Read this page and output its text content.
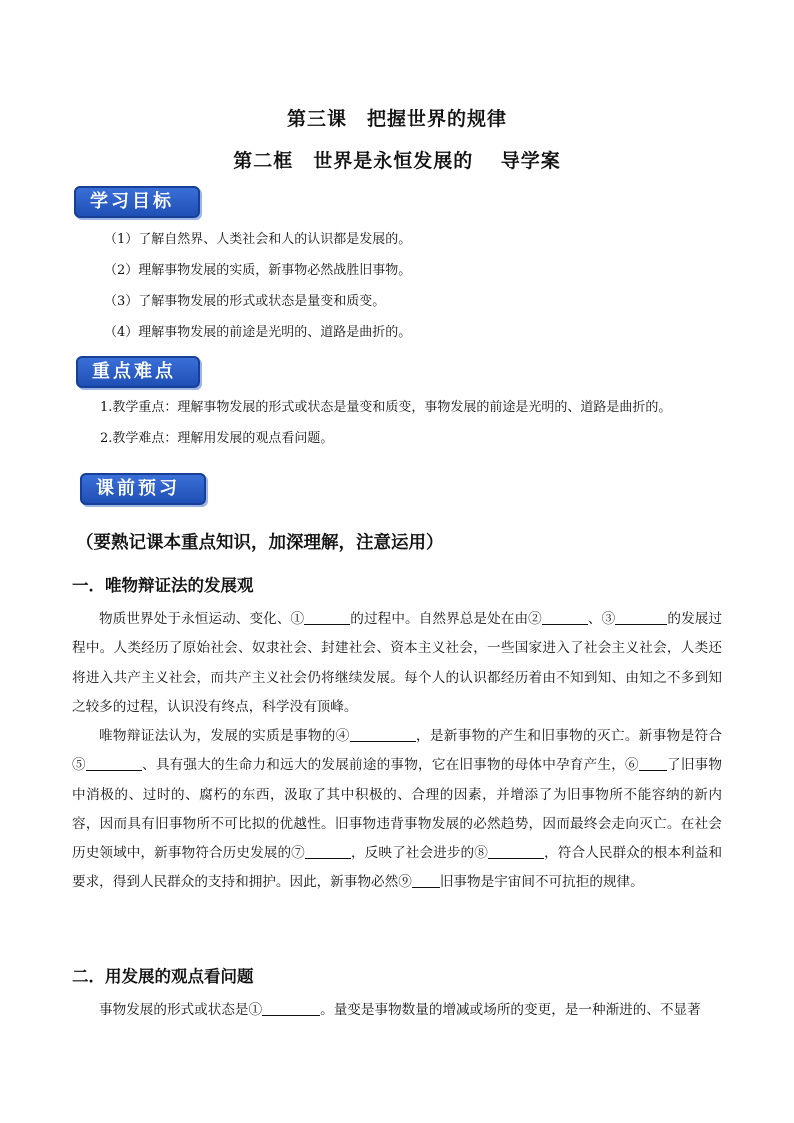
第三课　把握世界的规律
第二框　世界是永恒发展的　 导学案
学习目标
（1）了解自然界、人类社会和人的认识都是发展的。
（2）理解事物发展的实质，新事物必然战胜旧事物。
（3）了解事物发展的形式或状态是量变和质变。
（4）理解事物发展的前途是光明的、道路是曲折的。
重点难点
1.教学重点：理解事物发展的形式或状态是量变和质变，事物发展的前途是光明的、道路是曲折的。
2.教学难点：理解用发展的观点看问题。
课前预习
（要熟记课本重点知识，加深理解，注意运用）
一．唯物辩证法的发展观
物质世界处于永恒运动、变化、①	的过程中。自然界总是处在由②	、③	的发展过程中。人类经历了原始社会、奴隶社会、封建社会、资本主义社会，一些国家进入了社会主义社会，人类还将进入共产主义社会，而共产主义社会仍将继续发展。每个人的认识都经历着由不知到知、由知之不多到知之较多的过程，认识没有终点，科学没有顶峰。
唯物辩证法认为，发展的实质是事物的④	，是新事物的产生和旧事物的灭亡。新事物是符合⑤	、具有强大的生命力和远大的发展前途的事物，它在旧事物的母体中孕育产生，⑥ 了旧事物中消极的、过时的、腐朽的东西，汲取了其中积极的、合理的因素，并增添了为旧事物所不能容纳的新内容，因而具有旧事物所不可比拟的优越性。旧事物违背事物发展的必然趋势，因而最终会走向灭亡。在社会历史领域中，新事物符合历史发展的⑦	，反映了社会进步的⑧	，符合人民群众的根本利益和要求，得到人民群众的支持和拥护。因此，新事物必然⑨ 旧事物是宇宙间不可抗拒的规律。
二．用发展的观点看问题
事物发展的形式或状态是①	。量变是事物数量的增减或场所的变更，是一种渐进的、不显著
